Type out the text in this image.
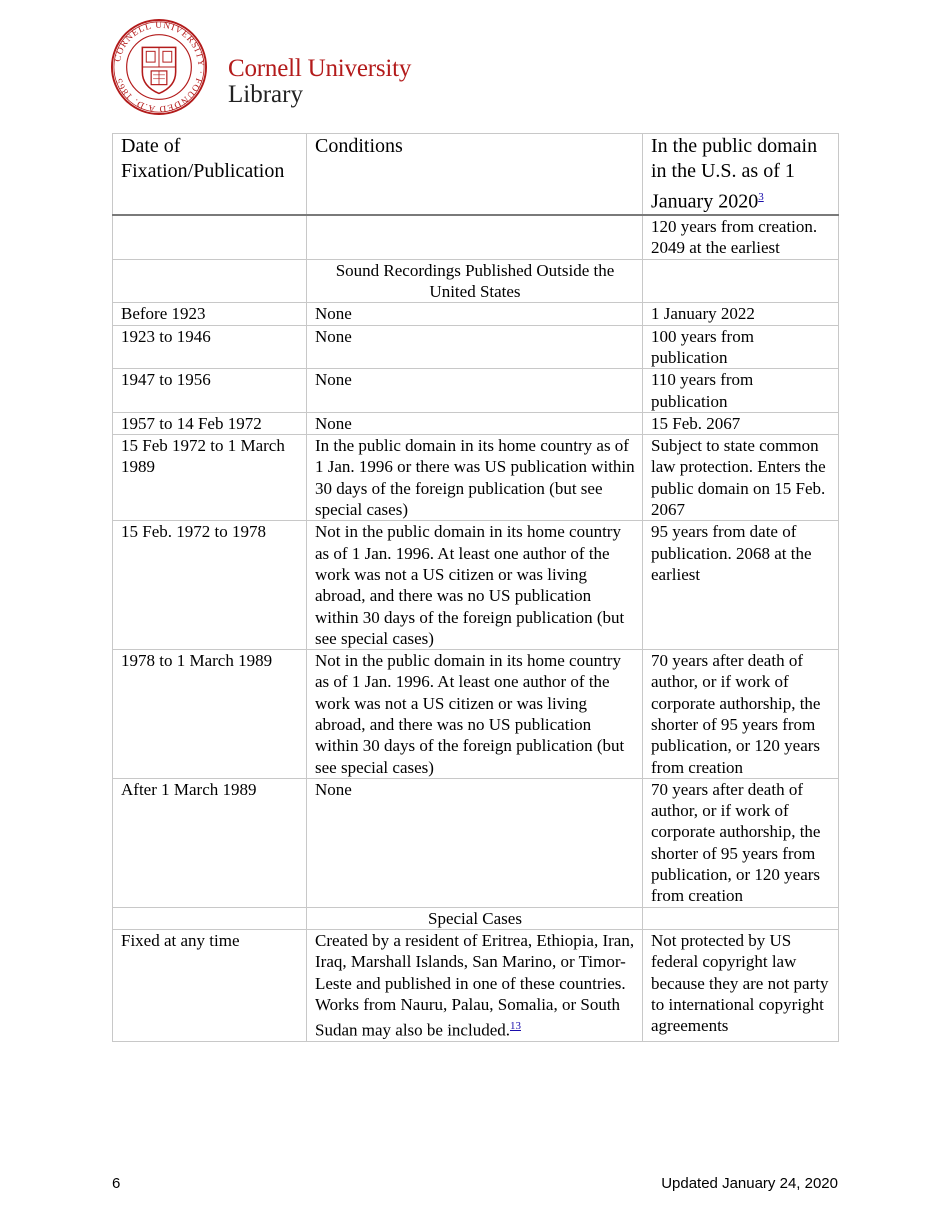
CORNELL UNIVERSITY · FOUNDED A.D. 1865	Cornell University
Library
Date of Fixation/Publication	Conditions	In the public domain in the U.S. as of 1 January 2020$^3$
		120 years from creation. 2049 at the earliest
	Sound Recordings Published Outside the United States	
Before 1923	None	1 January 2022
1923 to 1946	None	100 years from publication
1947 to 1956	None	110 years from publication
1957 to 14 Feb 1972	None	15 Feb. 2067
15 Feb 1972 to 1 March 1989	In the public domain in its home country as of 1 Jan. 1996 or there was US publication within 30 days of the foreign publication (but see special cases)	Subject to state common law protection. Enters the public domain on 15 Feb. 2067
15 Feb. 1972 to 1978	Not in the public domain in its home country as of 1 Jan. 1996. At least one author of the work was not a US citizen or was living abroad, and there was no US publication within 30 days of the foreign publication (but see special cases)	95 years from date of publication. 2068 at the earliest
1978 to 1 March 1989	Not in the public domain in its home country as of 1 Jan. 1996. At least one author of the work was not a US citizen or was living abroad, and there was no US publication within 30 days of the foreign publication (but see special cases)	70 years after death of author, or if work of corporate authorship, the shorter of 95 years from publication, or 120 years from creation
After 1 March 1989	None	70 years after death of author, or if work of corporate authorship, the shorter of 95 years from publication, or 120 years from creation
	Special Cases	
Fixed at any time	Created by a resident of Eritrea, Ethiopia, Iran, Iraq, Marshall Islands, San Marino, or Timor-Leste and published in one of these countries. Works from Nauru, Palau, Somalia, or South Sudan may also be included.$^{13}$	Not protected by US federal copyright law because they are not party to international copyright agreements
6	Updated January 24, 2020
